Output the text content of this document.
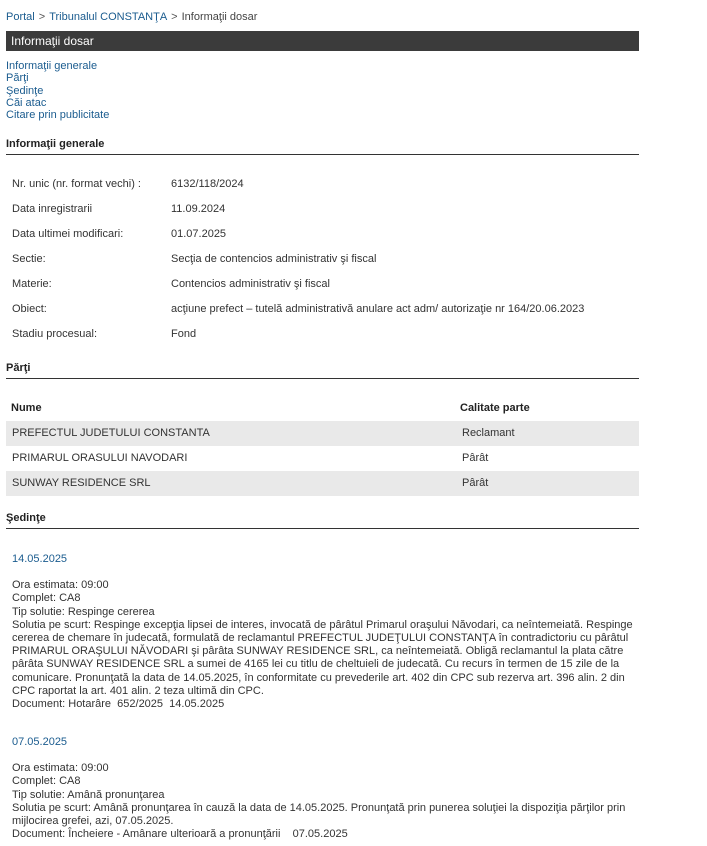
Portal > Tribunalul CONSTANŢA > Informaţii dosar
Informaţii dosar
Informaţii generale
Părţi
Şedinţe
Căi atac
Citare prin publicitate
Informaţii generale
Nr. unic (nr. format vechi) :	6132/118/2024
Data inregistrarii	11.09.2024
Data ultimei modificari:	01.07.2025
Sectie:	Secţia de contencios administrativ şi fiscal
Materie:	Contencios administrativ şi fiscal
Obiect:	acţiune prefect – tutelă administrativă anulare act adm/ autorizaţie nr 164/20.06.2023
Stadiu procesual:	Fond
Părţi
Nume	Calitate parte
PREFECTUL JUDETULUI CONSTANTA	Reclamant
PRIMARUL ORASULUI NAVODARI	Pârât
SUNWAY RESIDENCE SRL	Pârât
Şedinţe
14.05.2025
Ora estimata: 09:00
Complet: CA8
Tip solutie: Respinge cererea
Solutia pe scurt: Respinge excepţia lipsei de interes, invocată de pârâtul Primarul oraşului Năvodari, ca neîntemeiată. Respinge cererea de chemare în judecată, formulată de reclamantul PREFECTUL JUDEŢULUI CONSTANŢA în contradictoriu cu pârâtul PRIMARUL ORAŞULUI NĂVODARI şi pârâta SUNWAY RESIDENCE SRL, ca neîntemeiată. Obligă reclamantul la plata către pârâta SUNWAY RESIDENCE SRL a sumei de 4165 lei cu titlu de cheltuieli de judecată. Cu recurs în termen de 15 zile de la comunicare. Pronunţată la data de 14.05.2025, în conformitate cu prevederile art. 402 din CPC sub rezerva art. 396 alin. 2 din CPC raportat la art. 401 alin. 2 teza ultimă din CPC.
Document: Hotarâre  652/2025  14.05.2025
07.05.2025
Ora estimata: 09:00
Complet: CA8
Tip solutie: Amână pronunţarea
Solutia pe scurt: Amână pronunţarea în cauză la data de 14.05.2025. Pronunţată prin punerea soluţiei la dispoziţia părţilor prin mijlocirea grefei, azi, 07.05.2025.
Document: Încheiere - Amânare ulterioară a pronunţării    07.05.2025
